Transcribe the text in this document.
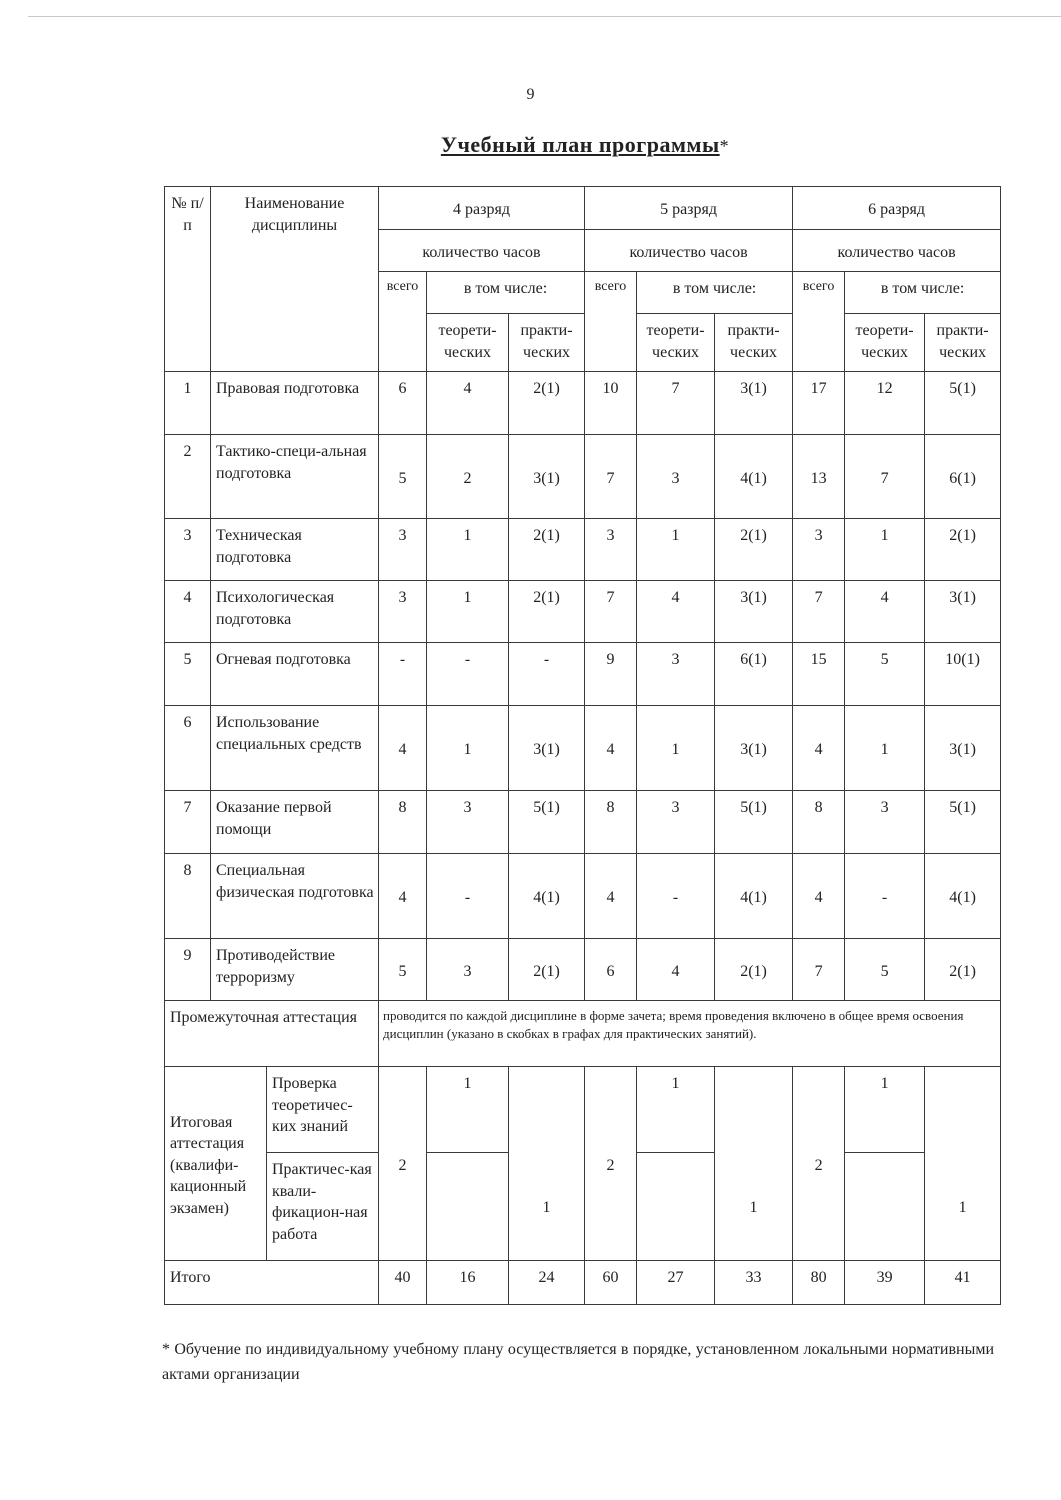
9
Учебный план программы*
№ п/п	Наименование дисциплины		4 разряд			5 разряд			6 разряд		
			количество часов			количество часов			количество часов		
			всего	в том числе:		всего	в том числе:		всего	в том числе:	
				теорети-ческих	практи-ческих		теорети-ческих	практи-ческих		теорети-ческих	практи-ческих
1	Правовая подготовка		6	4	2(1)	10	7	3(1)	17	12	5(1)
2	Тактико-специ-альная подготовка		5	2	3(1)	7	3	4(1)	13	7	6(1)
3	Техническая подготовка		3	1	2(1)	3	1	2(1)	3	1	2(1)
4	Психологическая подготовка		3	1	2(1)	7	4	3(1)	7	4	3(1)
5	Огневая подготовка		-	-	-	9	3	6(1)	15	5	10(1)
6	Использование специальных средств		4	1	3(1)	4	1	3(1)	4	1	3(1)
7	Оказание первой помощи		8	3	5(1)	8	3	5(1)	8	3	5(1)
8	Специальная физическая подготовка		4	-	4(1)	4	-	4(1)	4	-	4(1)
9	Противодействие терроризму		5	3	2(1)	6	4	2(1)	7	5	2(1)
Промежуточная аттестация			проводится по каждой дисциплине в форме зачета; время проведения включено в общее время освоения дисциплин (указано в скобках в графах для практических занятий).								
Итоговая аттестация (квалифи-кационный экзамен)		Проверка теоретичес-ких знаний	2	1		2	1		2	1	
		Практичес-кая квали-фикацион-ная работа			1			1			1
Итого			40	16	24	60	27	33	80	39	41
* Обучение по индивидуальному учебному плану осуществляется в порядке, установленном локальными нормативными актами организации
